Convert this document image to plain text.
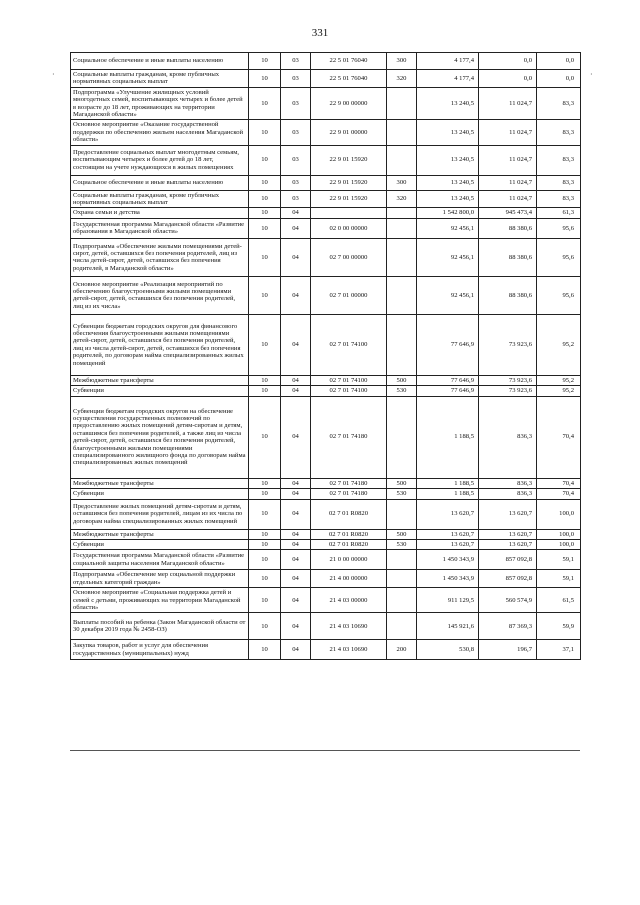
331
·	·
Социальное обеспечение и иные выплаты населению	10	03	22 5 01 76040	300	4 177,4	0,0	0,0
Социальные выплаты гражданам, кроме публичных нормативных социальных выплат	10	03	22 5 01 76040	320	4 177,4	0,0	0,0
Подпрограмма «Улучшение жилищных условий многодетных семей, воспитывающих четырех и более детей в возрасте до 18 лет, проживающих на территории Магаданской области»	10	03	22 9 00 00000		13 240,5	11 024,7	83,3
Основное мероприятие «Оказание государственной поддержки по обеспечению жильем населения Магаданской области»	10	03	22 9 01 00000		13 240,5	11 024,7	83,3
Предоставление социальных выплат многодетным семьям, воспитывающим четырех и более детей до 18 лет, состоящим на учете нуждающихся в жилых помещениях	10	03	22 9 01 15920		13 240,5	11 024,7	83,3
Социальное обеспечение и иные выплаты населению	10	03	22 9 01 15920	300	13 240,5	11 024,7	83,3
Социальные выплаты гражданам, кроме публичных нормативных социальных выплат	10	03	22 9 01 15920	320	13 240,5	11 024,7	83,3
Охрана семьи и детства	10	04			1 542 800,0	945 473,4	61,3
Государственная программа Магаданской области «Развитие образования в Магаданской области»	10	04	02 0 00 00000		92 456,1	88 380,6	95,6
Подпрограмма «Обеспечение жилыми помещениями детей-сирот, детей, оставшихся без попечения родителей, лиц из числа детей-сирот, детей, оставшихся без попечения родителей, в Магаданской области»	10	04	02 7 00 00000		92 456,1	88 380,6	95,6
Основное мероприятие «Реализация мероприятий по обеспечению благоустроенными жилыми помещениями детей-сирот, детей, оставшихся без попечения родителей, лиц из их числа»	10	04	02 7 01 00000		92 456,1	88 380,6	95,6
Субвенции бюджетам городских округов для финансового обеспечения благоустроенными жилыми помещениями детей-сирот, детей, оставшихся без попечения родителей, лиц из числа детей-сирот, детей, оставшихся без попечения родителей, по договорам найма специализированных жилых помещений	10	04	02 7 01 74100		77 646,9	73 923,6	95,2
Межбюджетные трансферты	10	04	02 7 01 74100	500	77 646,9	73 923,6	95,2
Субвенции	10	04	02 7 01 74100	530	77 646,9	73 923,6	95,2
Субвенции бюджетам городских округов на обеспечение осуществления государственных полномочий по предоставлению жилых помещений детям-сиротам и детям, оставшимся без попечения родителей, а также лиц из числа детей-сирот, детей, оставшихся без попечения родителей, благоустроенными жилыми помещениями специализированного жилищного фонда по договорам найма специализированных жилых помещений	10	04	02 7 01 74180		1 188,5	836,3	70,4
Межбюджетные трансферты	10	04	02 7 01 74180	500	1 188,5	836,3	70,4
Субвенции	10	04	02 7 01 74180	530	1 188,5	836,3	70,4
Предоставление жилых помещений детям-сиротам и детям, оставшимся без попечения родителей, лицам из их числа по договорам найма специализированных жилых помещений	10	04	02 7 01 R0820		13 620,7	13 620,7	100,0
Межбюджетные трансферты	10	04	02 7 01 R0820	500	13 620,7	13 620,7	100,0
Субвенции	10	04	02 7 01 R0820	530	13 620,7	13 620,7	100,0
Государственная программа Магаданской области «Развитие социальной защиты населения Магаданской области»	10	04	21 0 00 00000		1 450 343,9	857 092,8	59,1
Подпрограмма «Обеспечение мер социальной поддержки отдельных категорий граждан»	10	04	21 4 00 00000		1 450 343,9	857 092,8	59,1
Основное мероприятие «Социальная поддержка детей и семей с детьми, проживающих на территории Магаданской области»	10	04	21 4 03 00000		911 129,5	560 574,9	61,5
Выплаты пособий на ребенка (Закон Магаданской области от 30 декабря 2019 года № 2458-ОЗ)	10	04	21 4 03 10690		145 921,6	87 369,3	59,9
Закупка товаров, работ и услуг для обеспечения государственных (муниципальных) нужд	10	04	21 4 03 10690	200	530,8	196,7	37,1
